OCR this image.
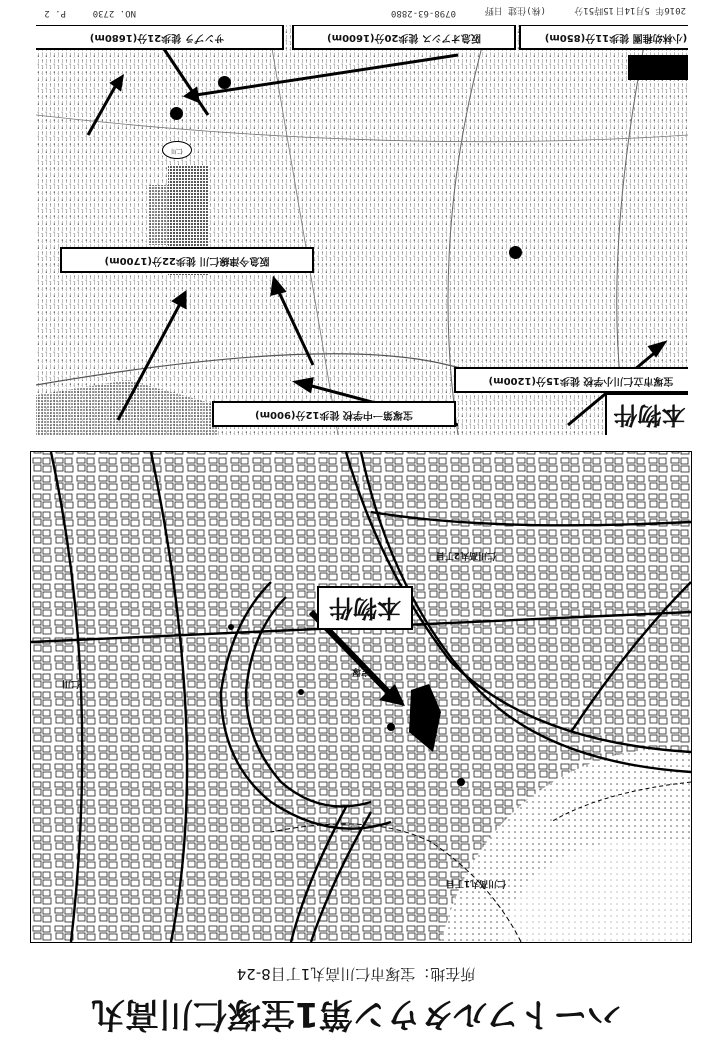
2016年 5月14日
15時51分
(株)住建 日野
0798-63-2880
NO. 2730
P. 2
本物件
仁川
宝塚第一中学校 徒歩12分(900m)
宝塚市立仁川小学校 徒歩15分(1200m)
阪急今津線仁川 徒歩22分(1700m)
(小林幼稚園 徒歩11分(850m)
阪急オアシス 徒歩20分(1600m)
サンプラ 徒歩21分(1680m)
本物件
仁川高丸1丁目
仁川高丸2丁目
仁川
宝塚
ハートフルタウン第1宝塚仁川高丸
所在地：宝塚市仁川高丸1丁目8-24
